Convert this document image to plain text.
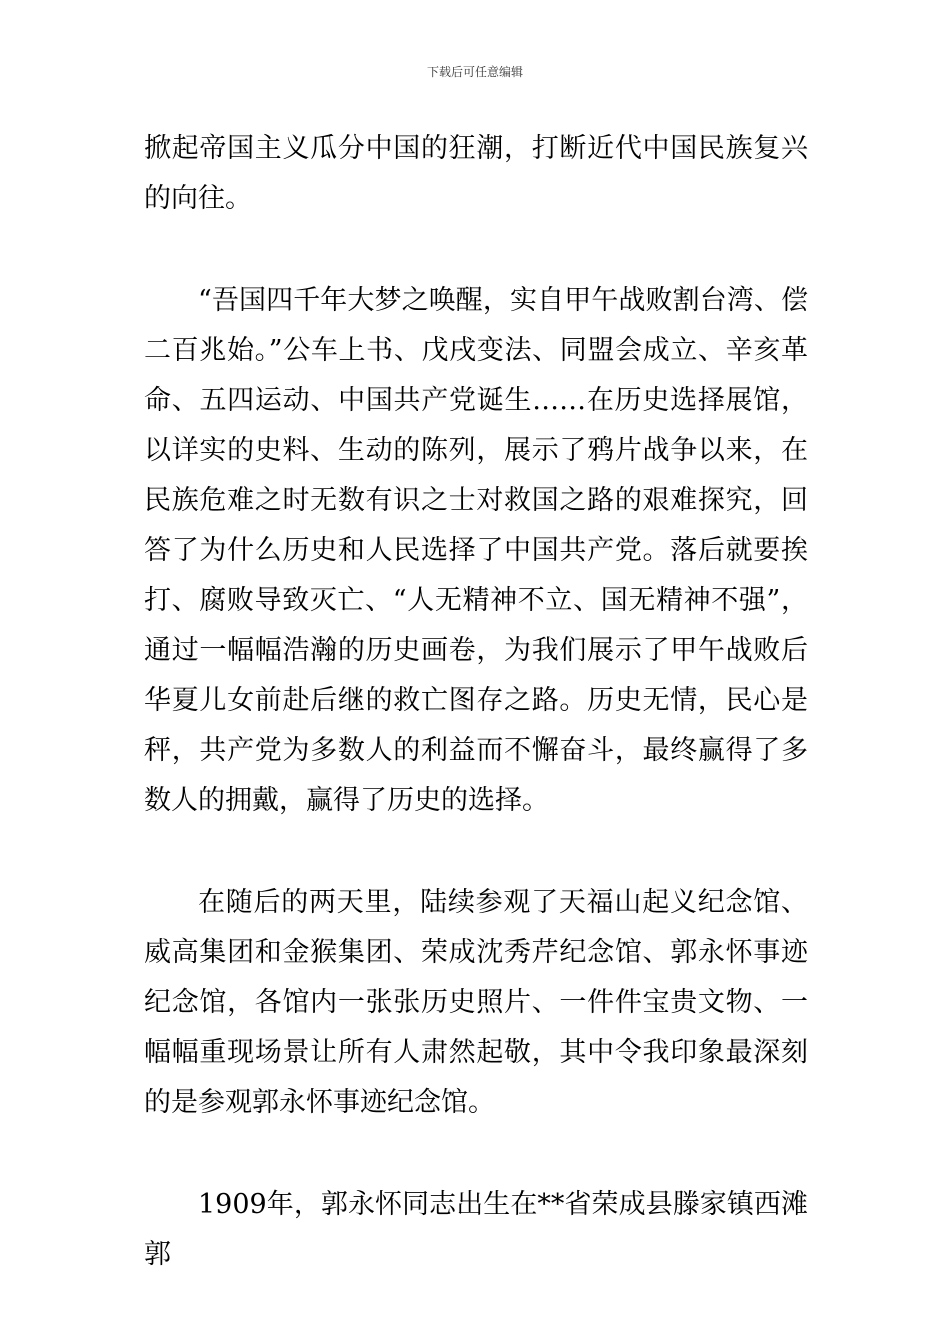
下载后可任意编辑

掀起帝国主义瓜分中国的狂潮，打断近代中国民族复兴的向往。

“吾国四千年大梦之唤醒，实自甲午战败割台湾、偿二百兆始。”公车上书、戊戌变法、同盟会成立、辛亥革命、五四运动、中国共产党诞生……在历史选择展馆，以详实的史料、生动的陈列，展示了鸦片战争以来，在民族危难之时无数有识之士对救国之路的艰难探究，回答了为什么历史和人民选择了中国共产党。落后就要挨打、腐败导致灭亡、“人无精神不立、国无精神不强”，通过一幅幅浩瀚的历史画卷，为我们展示了甲午战败后华夏儿女前赴后继的救亡图存之路。历史无情，民心是秤，共产党为多数人的利益而不懈奋斗，最终赢得了多数人的拥戴，赢得了历史的选择。

在随后的两天里，陆续参观了天福山起义纪念馆、威高集团和金猴集团、荣成沈秀芹纪念馆、郭永怀事迹纪念馆，各馆内一张张历史照片、一件件宝贵文物、一幅幅重现场景让所有人肃然起敬，其中令我印象最深刻的是参观郭永怀事迹纪念馆。

1909年，郭永怀同志出生在**省荣成县滕家镇西滩郭
